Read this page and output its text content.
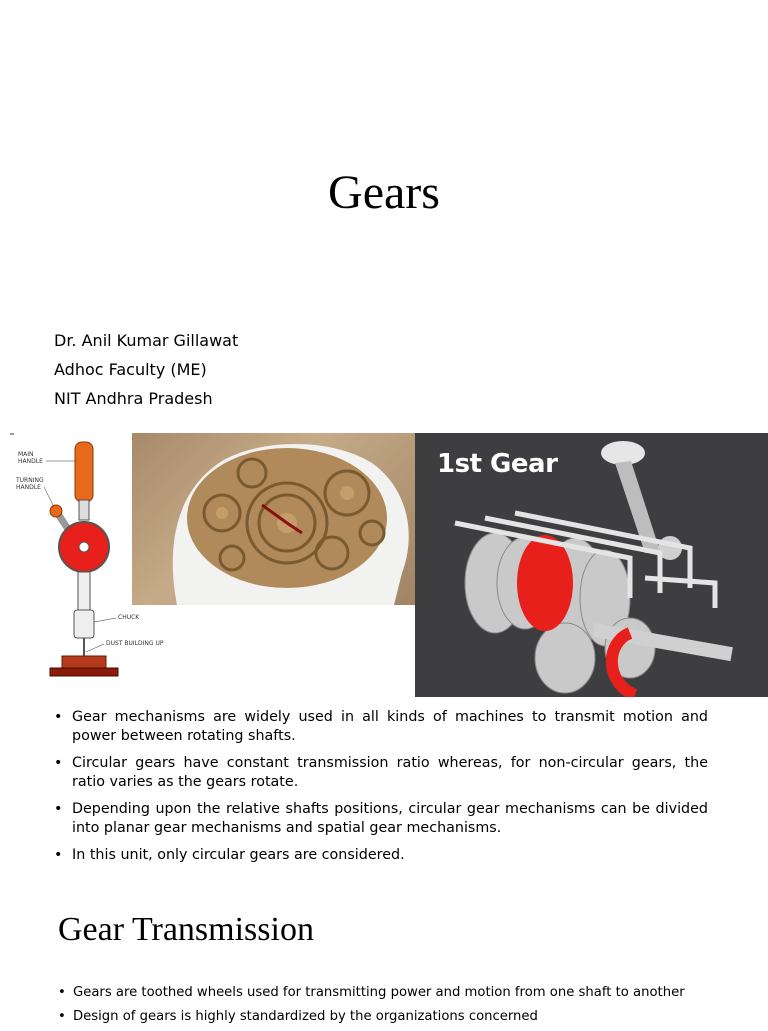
Gears
Dr. Anil Kumar Gillawat
Adhoc Faculty (ME)
NIT Andhra Pradesh
MAIN
HANDLE
TURNING
HANDLE
CHUCK
DUST BUILDING UP
1st Gear
• Gear mechanisms are widely used in all kinds of machines to transmit motion and power between rotating shafts.
• Circular gears have constant transmission ratio whereas, for non-circular gears, the ratio varies as the gears rotate.
• Depending upon the relative shafts positions, circular gear mechanisms can be divided into planar gear mechanisms and spatial gear mechanisms.
• In this unit, only circular gears are considered.
Gear Transmission
• Gears are toothed wheels used for transmitting power and motion from one shaft to another
• Design of gears is highly standardized by the organizations concerned
